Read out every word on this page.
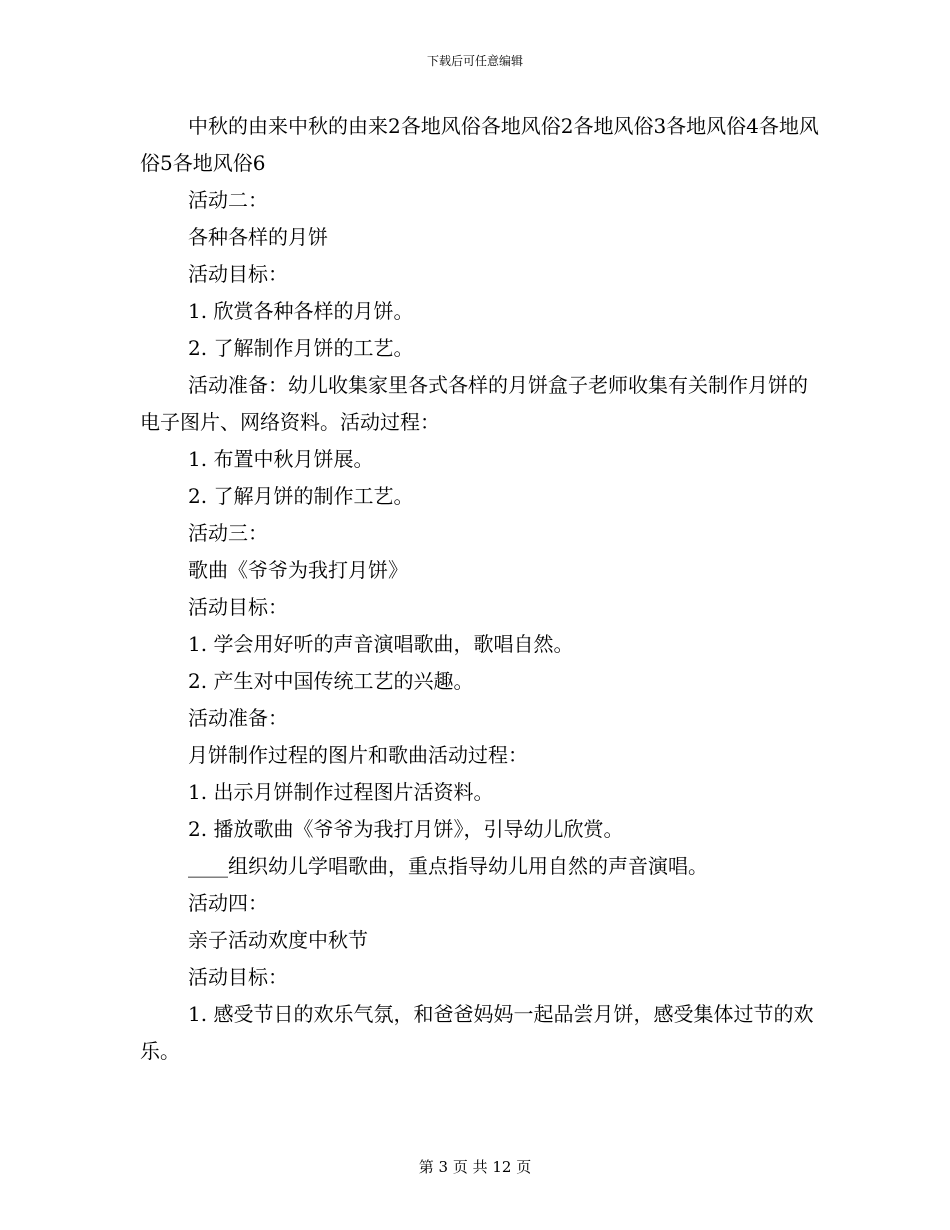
下载后可任意编辑

中秋的由来中秋的由来2各地风俗各地风俗2各地风俗3各地风俗4各地风俗5各地风俗6

活动二：

各种各样的月饼

活动目标：

1. 欣赏各种各样的月饼。

2. 了解制作月饼的工艺。

活动准备：幼儿收集家里各式各样的月饼盒子老师收集有关制作月饼的电子图片、网络资料。活动过程：

1. 布置中秋月饼展。

2. 了解月饼的制作工艺。

活动三：

歌曲《爷爷为我打月饼》

活动目标：

1. 学会用好听的声音演唱歌曲，歌唱自然。

2. 产生对中国传统工艺的兴趣。

活动准备：

月饼制作过程的图片和歌曲活动过程：

1. 出示月饼制作过程图片活资料。

2. 播放歌曲《爷爷为我打月饼》，引导幼儿欣赏。

____组织幼儿学唱歌曲，重点指导幼儿用自然的声音演唱。

活动四：

亲子活动欢度中秋节

活动目标：

1. 感受节日的欢乐气氛，和爸爸妈妈一起品尝月饼，感受集体过节的欢乐。

第 3 页 共 12 页
